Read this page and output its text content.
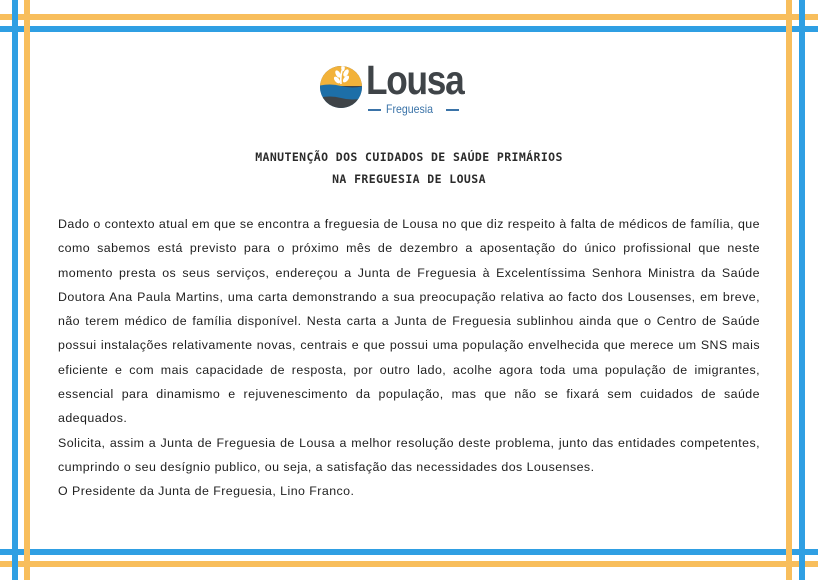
Lousa
Freguesia
MANUTENÇÃO DOS CUIDADOS DE SAÚDE PRIMÁRIOS
NA FREGUESIA DE LOUSA

Dado o contexto atual em que se encontra a freguesia de Lousa no que diz respeito à falta de médicos de família, que como sabemos está previsto para o próximo mês de dezembro a aposentação do único profissional que neste momento presta os seus serviços, endereçou a Junta de Freguesia à Excelentíssima Senhora Ministra da Saúde Doutora Ana Paula Martins, uma carta demonstrando a sua preocupação relativa ao facto dos Lousenses, em breve, não terem médico de família disponível. Nesta carta a Junta de Freguesia sublinhou ainda que o Centro de Saúde possui instalações relativamente novas, centrais e que possui uma população envelhecida que merece um SNS mais eficiente e com mais capacidade de resposta, por outro lado, acolhe agora toda uma população de imigrantes, essencial para dinamismo e rejuvenescimento da população, mas que não se fixará sem cuidados de saúde adequados.

Solicita, assim a Junta de Freguesia de Lousa a melhor resolução deste problema, junto das entidades competentes, cumprindo o seu desígnio publico, ou seja, a satisfação das necessidades dos Lousenses.

O Presidente da Junta de Freguesia, Lino Franco.
